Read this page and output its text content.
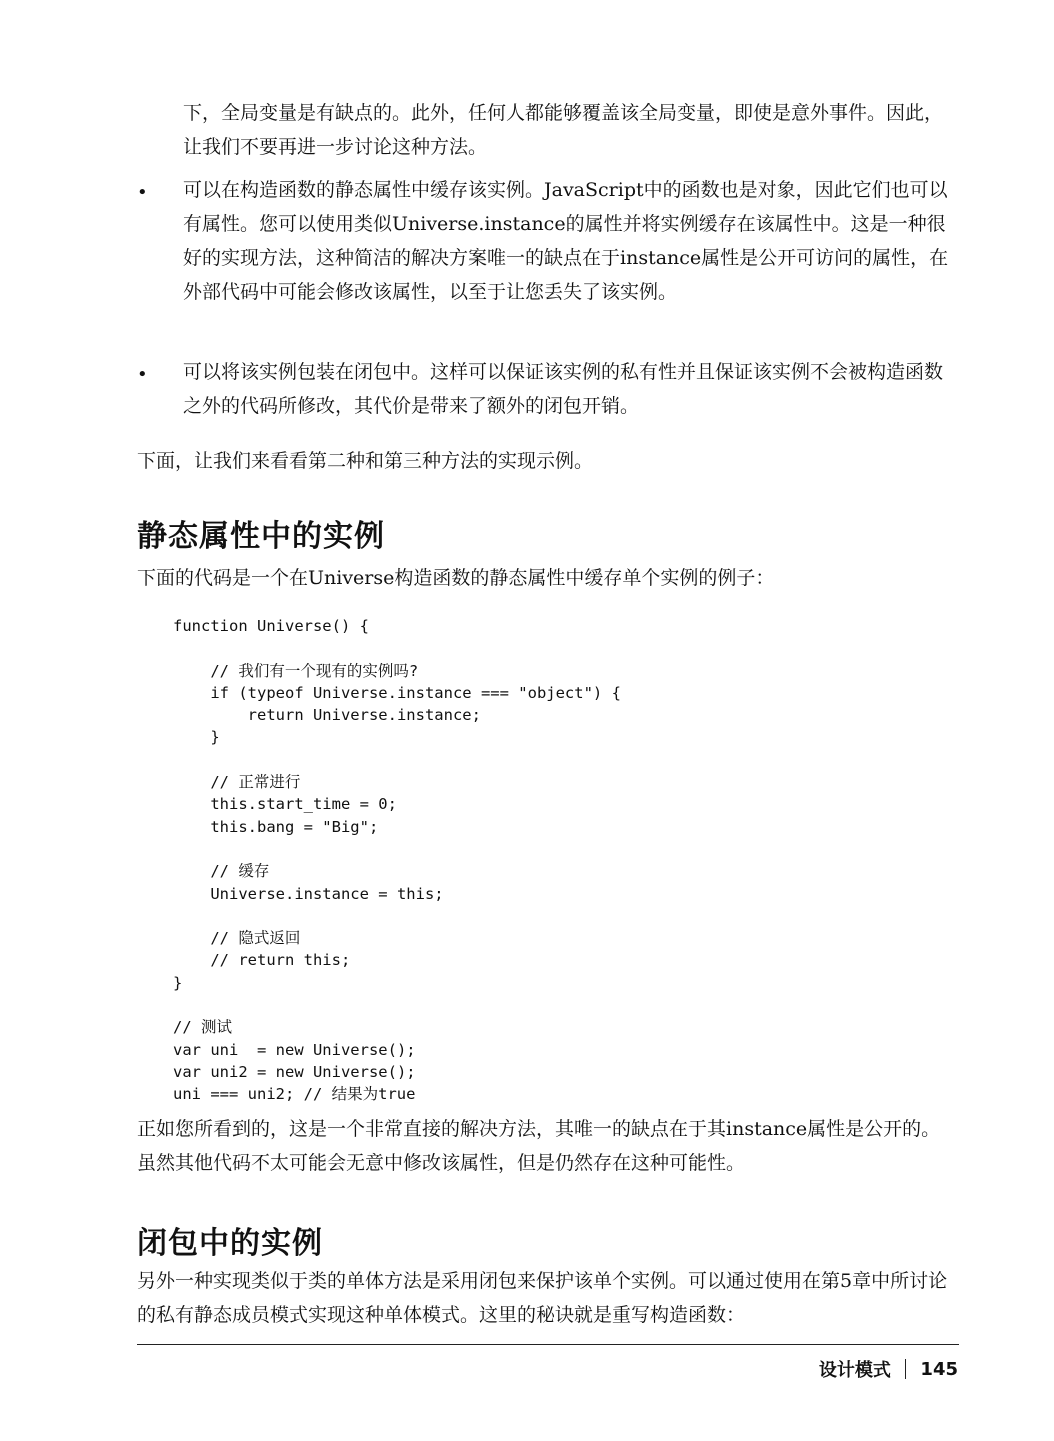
下，全局变量是有缺点的。此外，任何人都能够覆盖该全局变量，即使是意外事件。因此，让我们不要再进一步讨论这种方法。

• 可以在构造函数的静态属性中缓存该实例。JavaScript中的函数也是对象，因此它们也可以有属性。您可以使用类似Universe.instance的属性并将实例缓存在该属性中。这是一种很好的实现方法，这种简洁的解决方案唯一的缺点在于instance属性是公开可访问的属性，在外部代码中可能会修改该属性，以至于让您丢失了该实例。

• 可以将该实例包装在闭包中。这样可以保证该实例的私有性并且保证该实例不会被构造函数之外的代码所修改，其代价是带来了额外的闭包开销。

下面，让我们来看看第二种和第三种方法的实现示例。

静态属性中的实例

下面的代码是一个在Universe构造函数的静态属性中缓存单个实例的例子：

function Universe() {

// 我们有一个现有的实例吗?
if (typeof Universe.instance === "object") {
return Universe.instance;
}

// 正常进行
this.start_time = 0;
this.bang = "Big";

// 缓存
Universe.instance = this;

// 隐式返回
// return this;
}

// 测试
var uni  = new Universe();
var uni2 = new Universe();
uni === uni2; // 结果为true

正如您所看到的，这是一个非常直接的解决方法，其唯一的缺点在于其instance属性是公开的。虽然其他代码不太可能会无意中修改该属性，但是仍然存在这种可能性。

闭包中的实例

另外一种实现类似于类的单体方法是采用闭包来保护该单个实例。可以通过使用在第5章中所讨论的私有静态成员模式实现这种单体模式。这里的秘诀就是重写构造函数：

设计模式 145
